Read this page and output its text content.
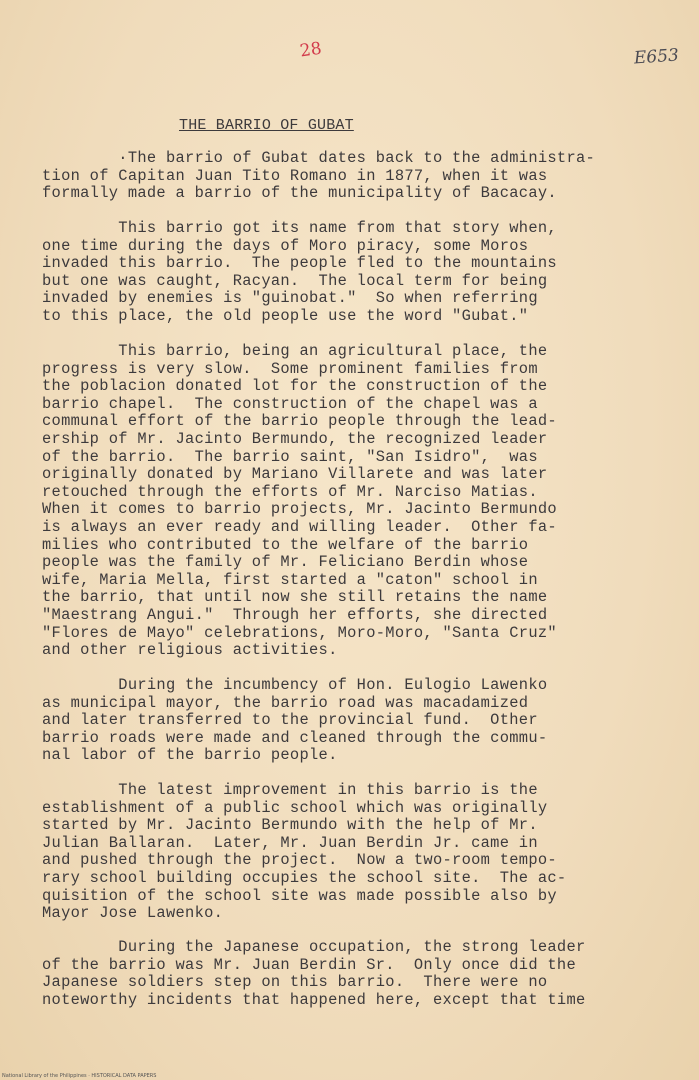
28	E653
THE BARRIO OF GUBAT

·The barrio of Gubat dates back to the administra-
tion of Capitan Juan Tito Romano in 1877, when it was
formally made a barrio of the municipality of Bacacay.

This barrio got its name from that story when,
one time during the days of Moro piracy, some Moros
invaded this barrio.  The people fled to the mountains
but one was caught, Racyan.  The local term for being
invaded by enemies is "guinobat."  So when referring
to this place, the old people use the word "Gubat."

This barrio, being an agricultural place, the
progress is very slow.  Some prominent families from
the poblacion donated lot for the construction of the
barrio chapel.  The construction of the chapel was a
communal effort of the barrio people through the lead-
ership of Mr. Jacinto Bermundo, the recognized leader
of the barrio.  The barrio saint, "San Isidro",  was
originally donated by Mariano Villarete and was later
retouched through the efforts of Mr. Narciso Matias.
When it comes to barrio projects, Mr. Jacinto Bermundo
is always an ever ready and willing leader.  Other fa-
milies who contributed to the welfare of the barrio
people was the family of Mr. Feliciano Berdin whose
wife, Maria Mella, first started a "caton" school in
the barrio, that until now she still retains the name
"Maestrang Angui."  Through her efforts, she directed
"Flores de Mayo" celebrations, Moro-Moro, "Santa Cruz"
and other religious activities.

During the incumbency of Hon. Eulogio Lawenko
as municipal mayor, the barrio road was macadamized
and later transferred to the provincial fund.  Other
barrio roads were made and cleaned through the commu-
nal labor of the barrio people.

The latest improvement in this barrio is the
establishment of a public school which was originally
started by Mr. Jacinto Bermundo with the help of Mr.
Julian Ballaran.  Later, Mr. Juan Berdin Jr. came in
and pushed through the project.  Now a two-room tempo-
rary school building occupies the school site.  The ac-
quisition of the school site was made possible also by
Mayor Jose Lawenko.

During the Japanese occupation, the strong leader
of the barrio was Mr. Juan Berdin Sr.  Only once did the
Japanese soldiers step on this barrio.  There were no
noteworthy incidents that happened here, except that time

National Library of the Philippines · HISTORICAL DATA PAPERS
